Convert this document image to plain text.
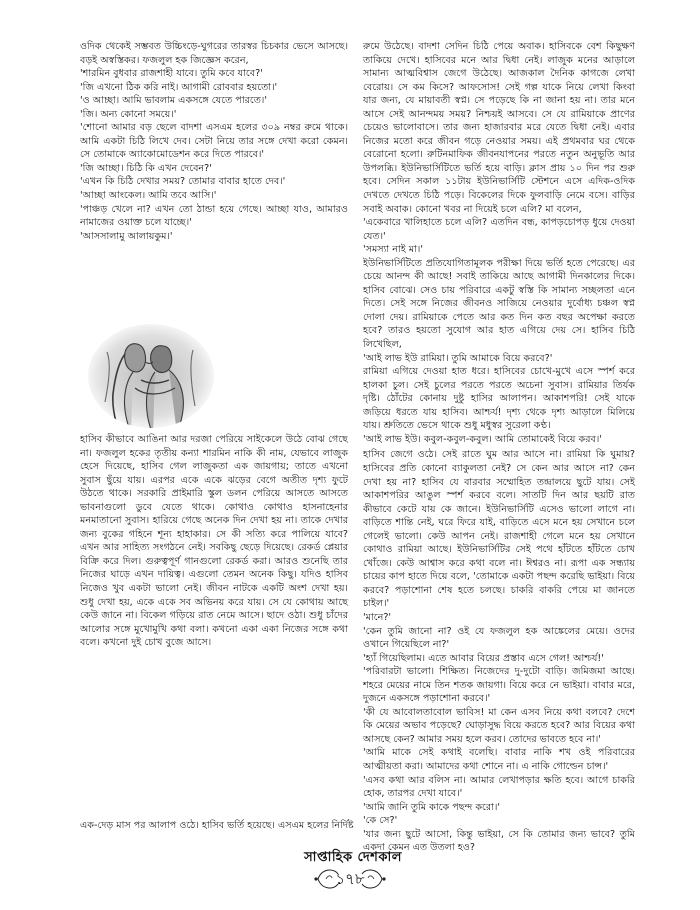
ওদিক থেকেই সম্ভবত উচ্চিংড়ে-ঘুগরের তারস্বর চিচকার ভেসে আসছে। বড়ই অস্বস্তিকর। ফজলুল হক জিজ্ঞেস করেন,

'শারমিন বুধবার রাজশাহী যাবে। তুমি কবে যাবে?'

'জি এখনো ঠিক করি নাই। আগামী রোববার হয়তো।'

'ও আচ্ছা। আমি ভাবলাম একসঙ্গে যেতে পারতে।'

'জি। অন্য কোনো সময়ে।'

'শোনো আমার বড় ছেলে বাদশা এসএম হলের ৩০৯ নম্বর রুমে থাকে। আমি একটা চিঠি লিখে দেব। সেটা নিয়ে তার সঙ্গে দেখা করো কেমন। সে তোমাকে অ্যাকোমোডেশন করে দিতে পারবে।'

'জি আচ্ছা। চিঠি কি এখন দেবেন?'

'এখন কি চিঠি দেখার সময়? তোমার বাবার হাতে দেব।'

'আচ্ছা আংকেল। আমি তবে আসি।'

'পাঞ্চড় খেলে না? এখন তো ঠান্ডা হয়ে গেছে। আচ্ছা যাও, আমারও নামাজের ওয়াক্ত চলে যাচ্ছে।'

'আসসালামু আলায়কুম।'

হাসিব কীভাবে আঙিনা আর দরজা পেরিয়ে সাইকেলে উঠে বোঝ গেছে না। ফজলুল হকের তৃতীয় কন্যা শারমিন নাকি কী নাম, যেভাবে লাজুক হেসে দিয়েছে, হাসিব গেল লাজুকতা এক জায়গায়; তাতে এখনো সুবাস ছুঁয়ে যায়। এরপর একে একে ঝড়ের বেগে অতীত দৃশ্য ফুটে উঠতে থাকে। সরকারি প্রাইমারি স্কুল ডলন পেরিয়ে আসতে আসতে ভাবনাগুলো ডুবে যেতে থাকে। কোথাও কোথাও হাসনাহেনার মনমাতানো সুবাস। হারিয়ে গেছে অনেক দিন দেখা হয় না। তাকে দেখার জন্য বুকের গহিনে শূন্য হাহাকার। সে কী সত্যি করে পালিয়ে যাবে? এখন আর সাহিত্য সংগঠনে নেই। সবকিছু ছেড়ে দিয়েছে। রেকর্ড প্লেয়ার বিক্রি করে দিল। গুরুত্বপূর্ণ গানগুলো রেকর্ড করা। আরও শুনেছি তার নিজের ঘাড়ে এখন দায়িত্ব। এগুলো তেমন অনেক কিছু। যদিও হাসিব নিজেও খুব একটা ভালো নেই। জীবন নাটকে একটি অংশ দেখা হয়। শুধু দেখা হয়, একে একে সব অভিনয় করে যায়। সে যে কোথায় আছে কেউ জানে না। বিকেল গড়িয়ে রাত নেমে আসে। ছাদে ওঠা। শুধু চাঁদের আলোর সঙ্গে মুখোমুখি কথা বলা। কখনো একা একা নিজের সঙ্গে কথা বলে। কখনো দুই চোখ বুজে আসে।

এক-দেড় মাস পর আলাপ ওঠে। হাসিব ভর্তি হয়েছে। এসএম হলের নির্দিষ্ট

রুমে উঠেছে। বাদশা সেদিন চিঠি পেয়ে অবাক। হাসিবকে বেশ কিছুক্ষণ তাকিয়ে দেখে। হাসিবের মনে আর দ্বিধা নেই। লাজুক মনের আড়ালে সামান্য আত্মবিশ্বাস জেগে উঠেছে। আজকাল দৈনিক কাগজে লেখা বেরোয়। সে কম কিসে? আফসোস! সেই গল্প যাকে নিয়ে লেখা কিংবা যার জন্য, যে মায়াবতী স্বপ্ন। সে পড়েছে কি না জানা হয় না। তার মনে আসে সেই আনন্দময় সময়? নিশ্চয়ই আসবে। সে যে রামিয়াকে প্রাণের চেয়েও ভালোবাসে। তার জন্য হাজারবার মরে যেতে দ্বিধা নেই। এবার নিজের মতো করে জীবন গড়ে নেওয়ার সময়। এই প্রথমবার ঘর থেকে বেরোনো হলো। রুটিনমাফিক জীবনযাপনের পরতে নতুন অনুভূতি আর উপলব্ধি। ইউনিভার্সিটিতে ভর্তি হয়ে বাড়ি। ক্লাস প্রায় ১০ দিন পর শুরু হবে। সেদিন সকাল ১১টায় ইউনিভার্সিটি স্টেশনে এসে এদিক-ওদিক দেখতে দেখতে চিঠি পড়ে। বিকেলের দিকে ফুলবাড়ি নেমে বসে। বাড়ির সবাই অবাক। কোনো খবর না দিয়েই চলে এলি? মা বলেন,

'একেবারে খালিহাতে চলে এলি? এতদিন বন্ধ, কাপড়চোপড় ধুয়ে দেওয়া যেত।'

'সমস্যা নাই মা।'

ইউনিভার্সিটিতে প্রতিযোগিতামূলক পরীক্ষা দিয়ে ভর্তি হতে পেরেছে। এর চেয়ে আনন্দ কী আছে! সবাই তাকিয়ে আছে আগামী দিনকালের দিকে। হাসিব বোঝে। সেও চায় পরিবারে একটু স্বস্তি কি সামান্য সচ্ছলতা এনে দিতে। সেই সঙ্গে নিজের জীবনও সাজিয়ে নেওয়ার দুর্বোধ্য চঞ্চল স্বপ্ন দোলা দেয়। রামিয়াকে পেতে আর কত দিন কত বছর অপেক্ষা করতে হবে? তারও হয়তো সুযোগ আর হাত এগিয়ে দেয় সে। হাসিব চিঠি লিখেছিল,

'আই লাভ ইউ রামিয়া। তুমি আমাকে বিয়ে করবে?'

রামিয়া এগিয়ে দেওয়া হাত ধরে। হাসিবের চোখে-মুখে এসে স্পর্শ করে হালকা চুল। সেই চুলের পরতে পরতে অচেনা সুবাস। রামিয়ার তির্যক দৃষ্টি। ঠোঁটের কোনায় দুষ্টু হাসির আলাপন। আকাশপরি! সেই যাকে জড়িয়ে ধরতে যায় হাসিব। আশ্চর্য! দৃশ্য থেকে দৃশ্য আড়ালে মিলিয়ে যায়। শ্রুতিতে ভেসে থাকে শুধু মধুস্বর সুরেলা কণ্ঠ।

'আই লাভ ইউ। কবুল-কবুল-কবুল। আমি তোমাকেই বিয়ে করব।'

হাসিব জেগে ওঠে। সেই রাতে ঘুম আর আসে না। রামিয়া কি ঘুমায়? হাসিবের প্রতি কোনো ব্যাকুলতা নেই? সে কেন আর আসে না? কেন দেখা হয় না? হাসিব যে বারবার সম্মোহিত তন্দ্রালয়ে ছুটে যায়। সেই আকাশপরির আঙুল স্পর্শ করবে বলে। সাতটি দিন আর ছয়টি রাত কীভাবে কেটে যায় কে জানে। ইউনিভার্সিটি এসেও ভালো লাগে না। বাড়িতে শান্তি নেই, ঘরে ফিরে যাই, বাড়িতে এসে মনে হয় সেখানে চলে গেলেই ভালো। কেউ আপন নেই। রাজশাহী গেলে মনে হয় সেখানে কোথাও রামিয়া আছে। ইউনিভার্সিটির সেই পথে হাঁটতে হাঁটতে চোখ খোঁজে। কেউ আশ্বাস করে কথা বলে না। ঈশ্বরও না। রূপা এক সন্ধ্যায় চায়ের কাপ হাতে দিয়ে বলে, 'তোমাকে একটা পছন্দ করেছি ভাইয়া। বিয়ে করবে? পড়াশোনা শেষ হতে চলছে। চাকরি বাকরি পেয়ে মা জানতে চাইল।'

'মানে?'

'কেন তুমি জানো না? ওই যে ফজলুল হক আঙ্কেলের মেয়ে। ওদের ওখানে গিয়েছিলে না?'

'হ্যাঁ গিয়েছিলাম। এতে আবার বিয়ের প্রস্তাব এসে গেল! আশ্চর্য!'

'পরিবারটা ভালো। শিক্ষিত। নিজেদের দু-দুটো বাড়ি। জমিজমা আছে। শহরে মেয়ের নামে তিন শতক জায়গা। বিয়ে করে নে ভাইয়া। বাবার মরে, দুজনে একসঙ্গে পড়াশোনা করবে।'

'কী যে আবোলতাবোল ভাবিস! মা কেন এসব নিয়ে কথা বলবে? দেশে কি মেয়ের অভাব পড়েছে? ঘোড়াসুদ্ধ বিয়ে করতে হবে? আর বিয়ের কথা আসছে কেন? আমার সময় হলে করব। তোদের ভাবতে হবে না।'

'আমি মাকে সেই কথাই বলেছি। বাবার নাকি শখ ওই পরিবারের আত্মীয়তা করা। আমাদের কথা শোনে না। এ নাকি গোল্ডেন চান্স।'

'এসব কথা আর বলিস না। আমার লেখাপড়ার ক্ষতি হবে। আগে চাকরি হোক, তারপর দেখা যাবে।'

'আমি জানি তুমি কাকে পছন্দ করো।'

'কে সে?'

'যার জন্য ছুটে আসো, কিন্তু ভাইয়া, সে কি তোমার জন্য ভাবে? তুমি একদা কেমন এত উতলা হও?

সাপ্তাহিক দেশকাল
১৭৮
